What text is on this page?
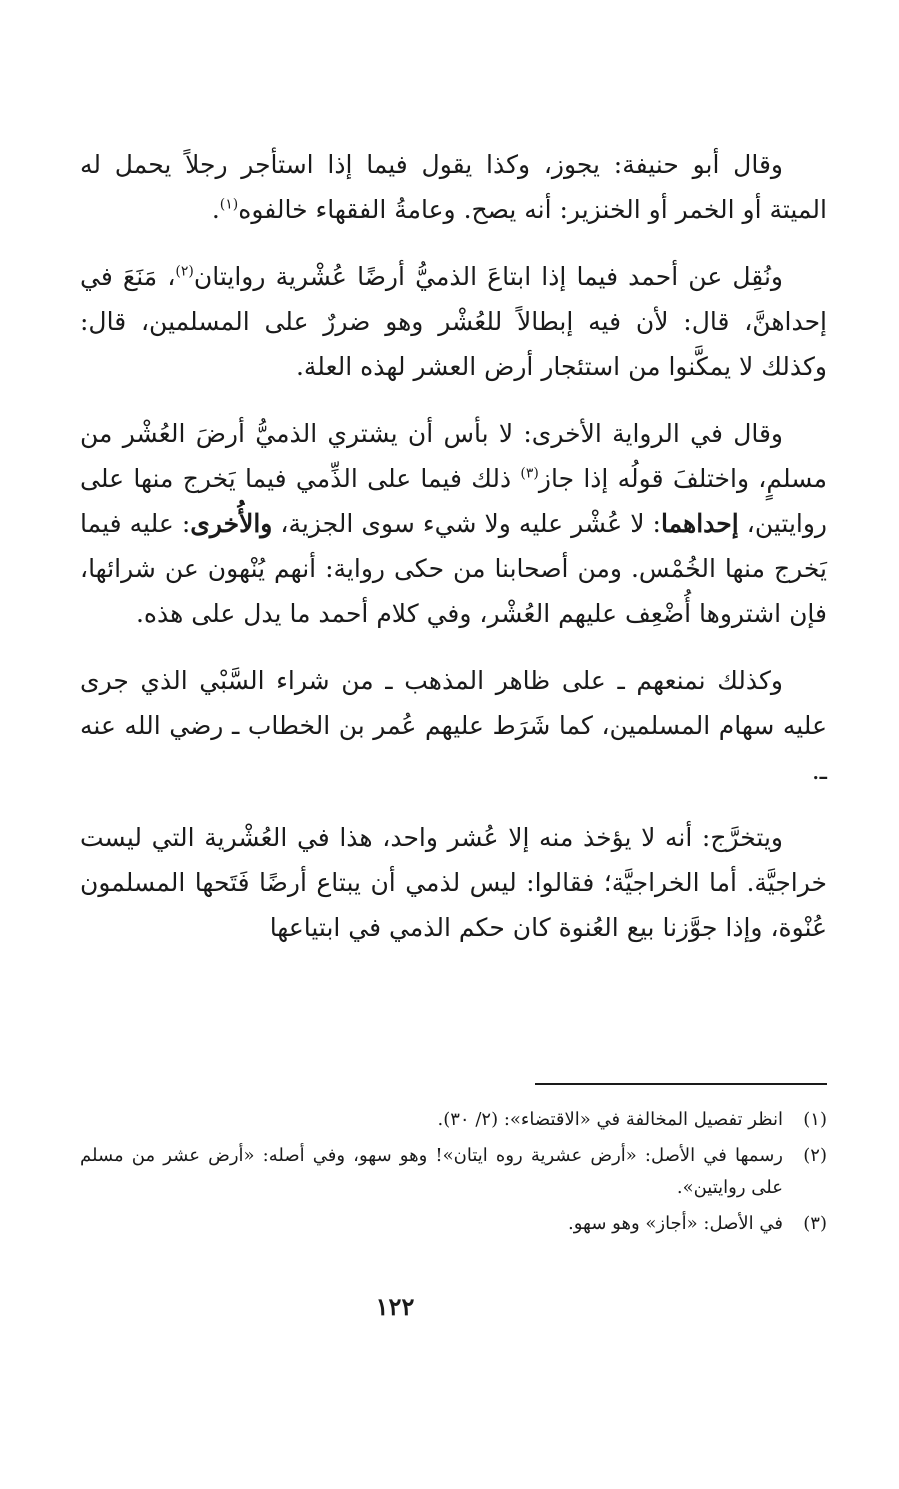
وقال أبو حنيفة: يجوز، وكذا يقول فيما إذا استأجر رجلاً يحمل له الميتة أو الخمر أو الخنزير: أنه يصح. وعامةُ الفقهاء خالفوه$^{(١)}$.

ونُقِل عن أحمد فيما إذا ابتاعَ الذميُّ أرضًا عُشْرية روايتان$^{(٢)}$، مَنَعَ في إحداهنَّ، قال: لأن فيه إبطالاً للعُشْر وهو ضررٌ على المسلمين، قال: وكذلك لا يمكَّنوا من استئجار أرض العشر لهذه العلة.

وقال في الرواية الأخرى: لا بأس أن يشتري الذميُّ أرضَ العُشْر من مسلمٍ، واختلفَ قولُه إذا جاز$^{(٣)}$ ذلك فيما على الذِّمي فيما يَخرج منها على روايتين، إحداهما: لا عُشْر عليه ولا شيء سوى الجزية، والأُخرى: عليه فيما يَخرج منها الخُمْس. ومن أصحابنا من حكى رواية: أنهم يُنْهون عن شرائها، فإن اشتروها أُضْعِف عليهم العُشْر، وفي كلام أحمد ما يدل على هذه.

وكذلك نمنعهم ـ على ظاهر المذهب ـ من شراء السَّبْي الذي جرى عليه سهام المسلمين، كما شَرَط عليهم عُمر بن الخطاب ـ رضي الله عنه ـ.

ويتخرَّج: أنه لا يؤخذ منه إلا عُشر واحد، هذا في العُشْرية التي ليست خراجيَّة. أما الخراجيَّة؛ فقالوا: ليس لذمي أن يبتاع أرضًا فَتَحها المسلمون عُنْوة، وإذا جوَّزنا بيع العُنوة كان حكم الذمي في ابتياعها

(١)
انظر تفصيل المخالفة في «الاقتضاء»: (٢/ ٣٠).
(٢)
رسمها في الأصل: «أرض عشرية روه ايتان»! وهو سهو، وفي أصله: «أرض عشر من مسلم على روايتين».
(٣)
في الأصل: «أجاز» وهو سهو.
١٢٢
